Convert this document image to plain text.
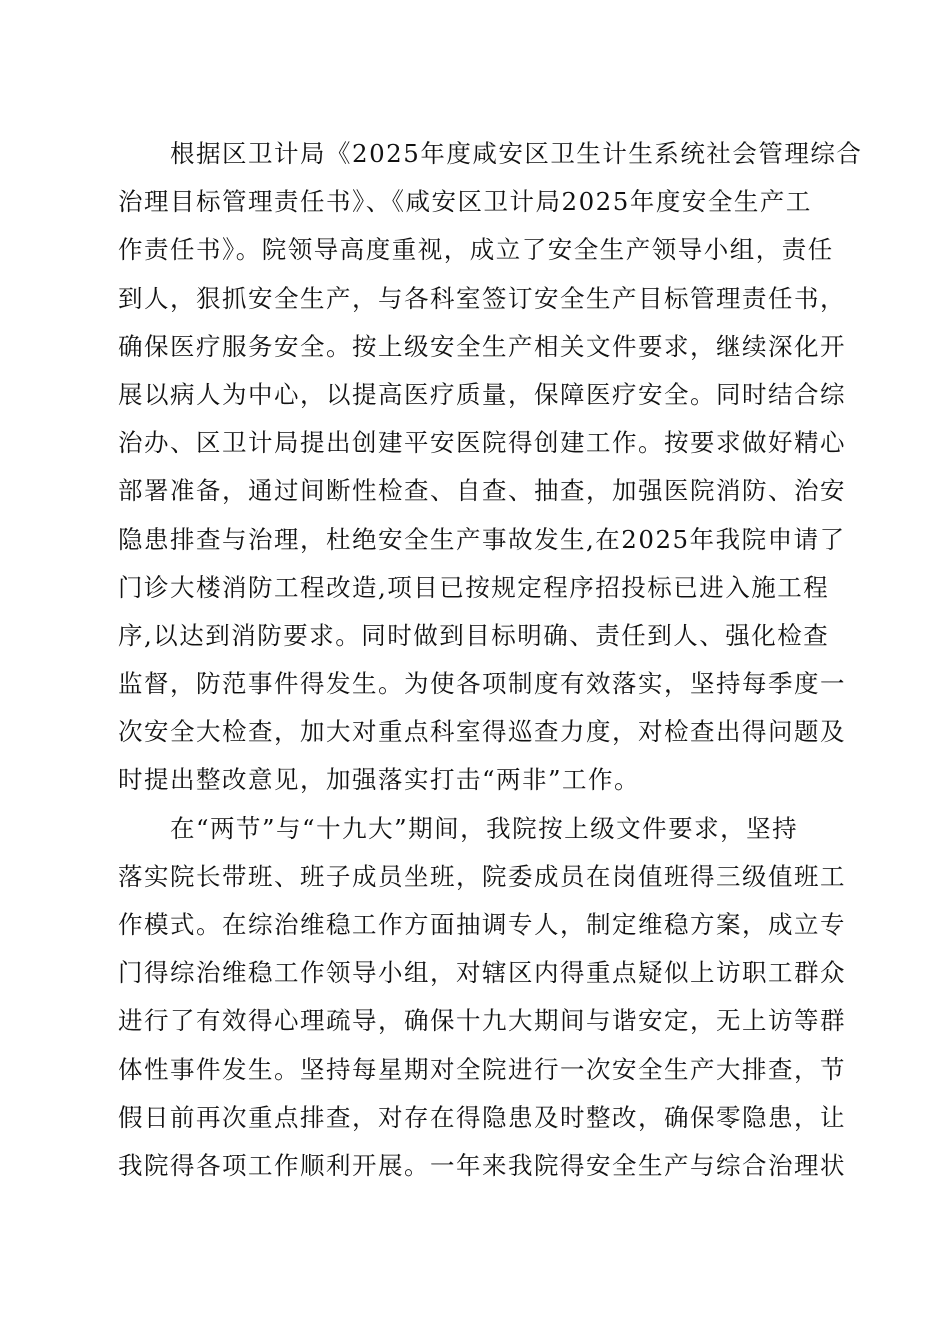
根据区卫计局《2025年度咸安区卫生计生系统社会管理综合
治理目标管理责任书》、《咸安区卫计局2025年度安全生产工
作责任书》。院领导高度重视，成立了安全生产领导小组，责任
到人，狠抓安全生产，与各科室签订安全生产目标管理责任书，
确保医疗服务安全。按上级安全生产相关文件要求，继续深化开
展以病人为中心，以提高医疗质量，保障医疗安全。同时结合综
治办、区卫计局提出创建平安医院得创建工作。按要求做好精心
部署准备，通过间断性检查、自查、抽查，加强医院消防、治安
隐患排查与治理，杜绝安全生产事故发生,在2025年我院申请了
门诊大楼消防工程改造,项目已按规定程序招投标已进入施工程
序,以达到消防要求。同时做到目标明确、责任到人、强化检查
监督，防范事件得发生。为使各项制度有效落实，坚持每季度一
次安全大检查，加大对重点科室得巡查力度，对检查出得问题及
时提出整改意见，加强落实打击“两非”工作。
在“两节”与“十九大”期间，我院按上级文件要求，坚持
落实院长带班、班子成员坐班，院委成员在岗值班得三级值班工
作模式。在综治维稳工作方面抽调专人，制定维稳方案，成立专
门得综治维稳工作领导小组，对辖区内得重点疑似上访职工群众
进行了有效得心理疏导，确保十九大期间与谐安定，无上访等群
体性事件发生。坚持每星期对全院进行一次安全生产大排查，节
假日前再次重点排查，对存在得隐患及时整改，确保零隐患，让
我院得各项工作顺利开展。一年来我院得安全生产与综合治理状
